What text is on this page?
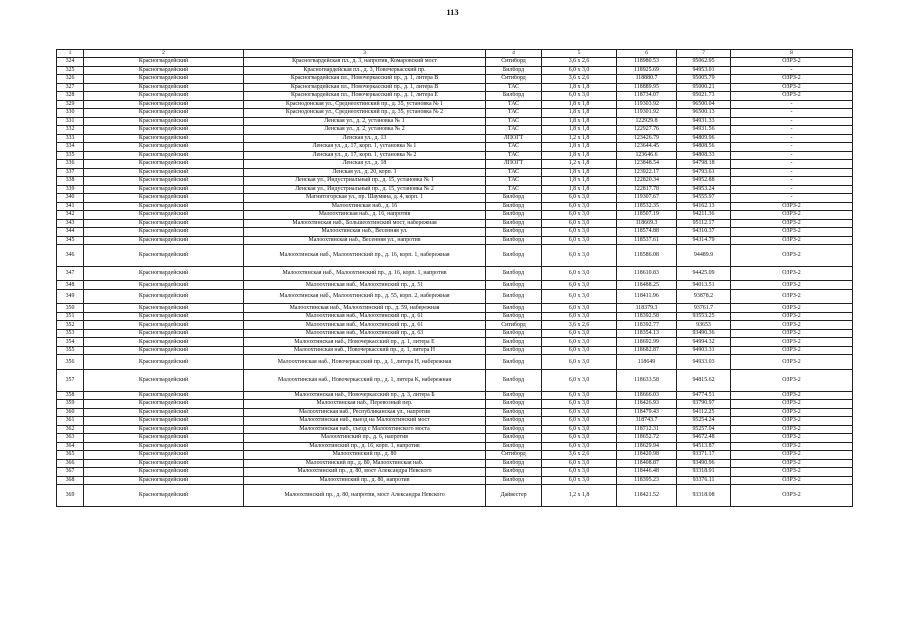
113
1	2	3	4	5	6	7	8
324	Красногвардейский	Красногвардейская пл., д. 3, напротив, Комаровский мост	Ситиборд	3,6 х 2,6	118980.53	95062.95	ОЗРЗ-2
325	Красногвардейский	Красногвардейская пл., д. 3, Новочеркасский пр.	Билборд	6,0 х 3,0	118925.69	94953.01	-
326	Красногвардейский	Красногвардейская пл., Новочеркасский пр., д. 1, литера В	Ситиборд	3,6 х 2,6	118880.7	95005.79	ОЗРЗ-2
327	Красногвардейский	Красногвардейская пл., Новочеркасский пр., д. 1, литера В	ТАС	1,8 х 1,8	118889.95	95000.21	ОЗРЗ-2
328	Красногвардейский	Красногвардейская пл., Новочеркасский пр., д. 1, литера Е	Билборд	6,0 х 3,0	118734.07	95021.73	ОЗРЗ-2
329	Красногвардейский	Краснодонская ул., Среднеохтинский пр., д. 35, установка № 1	ТАС	1,8 х 1,8	119303.92	96500.04	-
330	Красногвардейский	Краснодонская ул., Среднеохтинский пр., д. 35, установка № 2	ТАС	1,8 х 1,8	119301.92	96500.13	-
331	Красногвардейский	Ленская ул., д. 2, установка № 1	ТАС	1,8 х 1,8	122929.8	94931.33	-
332	Красногвардейский	Ленская ул., д. 2, установка № 2	ТАС	1,8 х 1,8	122927.76	94931.56	-
333	Красногвардейский	Ленская ул., д. 13	ЛПОГТ	1,2 х 1,8	123426.79	94809.96	-
334	Красногвардейский	Ленская ул., д. 17, корп. 1, установка № 1	ТАС	1,8 х 1,8	123644.45	94808.56	-
335	Красногвардейский	Ленская ул., д. 17, корп. 1, установка № 2	ТАС	1,8 х 1,8	123646.6	94808.33	-
336	Красногвардейский	Ленская ул., д. 18	ЛПОГТ	1,2 х 1,8	123848.54	94798.18	-
337	Красногвардейский	Ленская ул., д. 20, корп. 1	ТАС	1,8 х 1,8	123922.17	94793.61	-
338	Красногвардейский	Ленская ул., Индустриальный пр., д. 15, установка № 1	ТАС	1,8 х 1,8	122820.34	94952.88	-
339	Красногвардейский	Ленская ул., Индустриальный пр., д. 15, установка № 2	ТАС	1,8 х 1,8	122817.78	94953.24	-
340	Красногвардейский	Магнитогорская ул., пр. Шаумяна, д. 4, корп. 1	Билборд	6,0 х 3,0	119307.67	94555.97	-
341	Красногвардейский	Малоохтинская наб., д. 16	Билборд	6,0 х 3,0	118532.35	94162.13	ОЗРЗ-2
342	Красногвардейский	Малоохтинская наб., д. 16, напротив	Билборд	6,0 х 3,0	118507.19	94211.36	ОЗРЗ-2
343	Красногвардейский	Малоохтинская наб., Большеохтинский мост, набережная	Билборд	6,0 х 3,0	118669.3	95112.17	ОЗРЗ-2
344	Красногвардейский	Малоохтинская наб., Весенняя ул.	Билборд	6,0 х 3,0	118574.88	94310.37	ОЗРЗ-2
345	Красногвардейский	Малоохтинская наб., Весенняя ул., напротив	Билборд	6,0 х 3,0	118537.61	94314.79	ОЗРЗ-2
346	Красногвардейский	Малоохтинская наб., Малоохтинский пр., д. 16, корп. 1, набережная	Билборд	6,0 х 3,0	118586.08	94489.9	ОЗРЗ-2
347	Красногвардейский	Малоохтинская наб., Малоохтинский пр., д. 16, корп. 1, напротив	Билборд	6,0 х 3,0	118610.83	94425.09	ОЗРЗ-2
348	Красногвардейский	Малоохтинская наб., Малоохтинский пр., д. 51	Билборд	6,0 х 3,0	118488.25	94013.51	ОЗРЗ-2
349	Красногвардейский	Малоохтинская наб., Малоохтинский пр., д. 55, корп. 2, набережная	Билборд	6,0 х 3,0	118411.96	93878.2	ОЗРЗ-2
350	Красногвардейский	Малоохтинская наб., Малоохтинский пр., д. 59, набережная	Билборд	6,0 х 3,0	118379.3	93761.7	ОЗРЗ-2
351	Красногвардейский	Малоохтинская наб., Малоохтинский пр., д. 61	Билборд	6,0 х 3,0	118392.58	93553.25	ОЗРЗ-2
352	Красногвардейский	Малоохтинская наб., Малоохтинский пр., д. 61	Ситиборд	3,6 х 2,6	118392.77	93653	ОЗРЗ-2
353	Красногвардейский	Малоохтинская наб., Малоохтинский пр., д. 63	Билборд	6,0 х 3,0	118354.13	93490.36	ОЗРЗ-2
354	Красногвардейский	Малоохтинская наб., Новочеркасский пр., д. 1, литера Е	Билборд	6,0 х 3,0	118692.99	94994.32	ОЗРЗ-2
355	Красногвардейский	Малоохтинская наб., Новочеркасский пр., д. 1, литера Н	Билборд	6,0 х 3,0	118682.87	94903.31	ОЗРЗ-2
356	Красногвардейский	Малоохтинская наб., Новочеркасский пр., д. 1, литера Н, набережная	Билборд	6,0 х 3,0	118649	94933.03	ОЗРЗ-2
357	Красногвардейский	Малоохтинская наб., Новочеркасский пр., д. 1, литера К, набережная	Билборд	6,0 х 3,0	118633.58	94815.62	ОЗРЗ-2
358	Красногвардейский	Малоохтинская наб., Новочеркасский пр., д. 3, литера Б	Билборд	6,0 х 3,0	118666.03	94774.51	ОЗРЗ-2
359	Красногвардейский	Малоохтинская наб., Перевозный пер.	Билборд	6,0 х 3,0	118426.93	93790.97	ОЗРЗ-2
360	Красногвардейский	Малоохтинская наб., Республиканская ул., напротив	Билборд	6,0 х 3,0	118479.43	94112.25	ОЗРЗ-2
361	Красногвардейский	Малоохтинская наб., выезд на Малоохтинский мост	Билборд	6,0 х 3,0	118743.7	95254.24	ОЗРЗ-2
362	Красногвардейский	Малоохтинская наб., съезд с Малоохтинского моста	Билборд	6,0 х 3,0	118712.31	95257.04	ОЗРЗ-2
363	Красногвардейский	Малоохтинский пр., д. 6, напротив	Билборд	6,0 х 3,0	118652.72	94672.48	ОЗРЗ-2
364	Красногвардейский	Малоохтинский пр., д. 16, корп. 1, напротив	Билборд	6,0 х 3,0	118629.94	94513.87	ОЗРЗ-2
365	Красногвардейский	Малоохтинский пр., д. 80	Ситиборд	3,6 х 2,6	118420.98	93371.17	ОЗРЗ-2
366	Красногвардейский	Малоохтинский пр., д. 80, Малоохтинская наб.	Билборд	6,0 х 3,0	118408.87	93490.96	ОЗРЗ-2
367	Красногвардейский	Малоохтинский пр., д. 80, мост Александра Невского	Билборд	6,0 х 3,0	118446.48	93318.91	ОЗРЗ-2
368	Красногвардейский	Малоохтинский пр., д. 80, напротив	Билборд	6,0 х 3,0	118395.23	93376.11	ОЗРЗ-2
369	Красногвардейский	Малоохтинский пр., д. 80, напротив, мост Александра Невского	Дайвестер	1,2 х 1,8	118421.52	93318.08	ОЗРЗ-2
